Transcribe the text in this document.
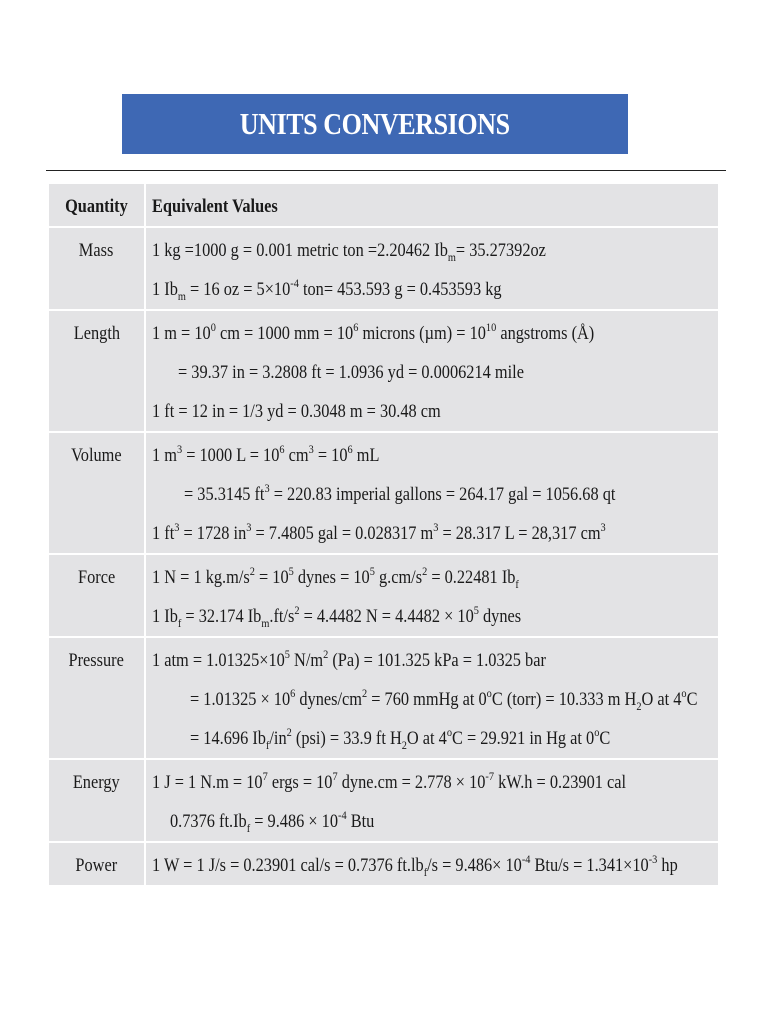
UNITS CONVERSIONS
Quantity	Equivalent Values
Mass	1 kg =1000 g = 0.001 metric ton =2.20462 $Ib_m= 35.27392oz$
1 $Ib_m = 16$ oz = $5\times 10^{-4}$ ton= 453.593 g = 0.453593 kg

Length	1 $m = 10^0$ cm = 1000 mm = $10^6$ microns $(\mu m) = 10^{10}$ angstroms (Å)
= 39.37 in = 3.2808 ft = 1.0936 yd = 0.0006214 mile
1 ft = 12 in = 1/3 yd = 0.3048 m = 30.48 cm

Volume	1 $m^3 = 1000$ $L = 10^6$ $cm^3 = 10^6$ mL
= 35.3145 $ft^3 = 220.83$ imperial gallons = 264.17 gal = 1056.68 qt
1 $ft^3 = 1728$ $in^3 = 7.4805$ gal = 0.028317 $m^3 = 28.317$ L = 28,317 $cm^3$

Force	1 N = 1 $kg.m/s^2 = 10^5$ dynes = $10^5$ $g.cm/s^2 = 0.22481$ $Ib_f$
1 $Ib_f = 32.174$ $Ib_m.ft/s^2 = 4.4482$ $N = 4.4482 \times 10^5$ dynes

Pressure	1 atm = $1.01325\times 10^5$ $N/m^2$ (Pa) = 101.325 kPa = 1.0325 bar
= $1.01325 \times 10^6$ dynes/$cm^2 = 760$ mmHg at 0$^o$C (torr) = 10.333 m $H_2O$ at $4^oC$
= 14.696 $Ib_f/in^2$ (psi) = 33.9 ft $H_2O$ at $4^oC = 29.921$ in Hg at 0$^o$C

Energy	1 J = 1 $N.m = 10^7$ ergs = $10^7$ dyne.cm = $2.778 \times 10^{-7}$ kW.h = 0.23901 cal
0.7376 $ft.Ib_f = 9.486 \times 10^{-4}$ Btu

Power	1 W = 1 J/s = 0.23901 cal/s = 0.7376 $ft.lb_f/s = 9.486\times 10^{-4}$ $Btu/s = 1.341\times 10^{-3}$ hp
